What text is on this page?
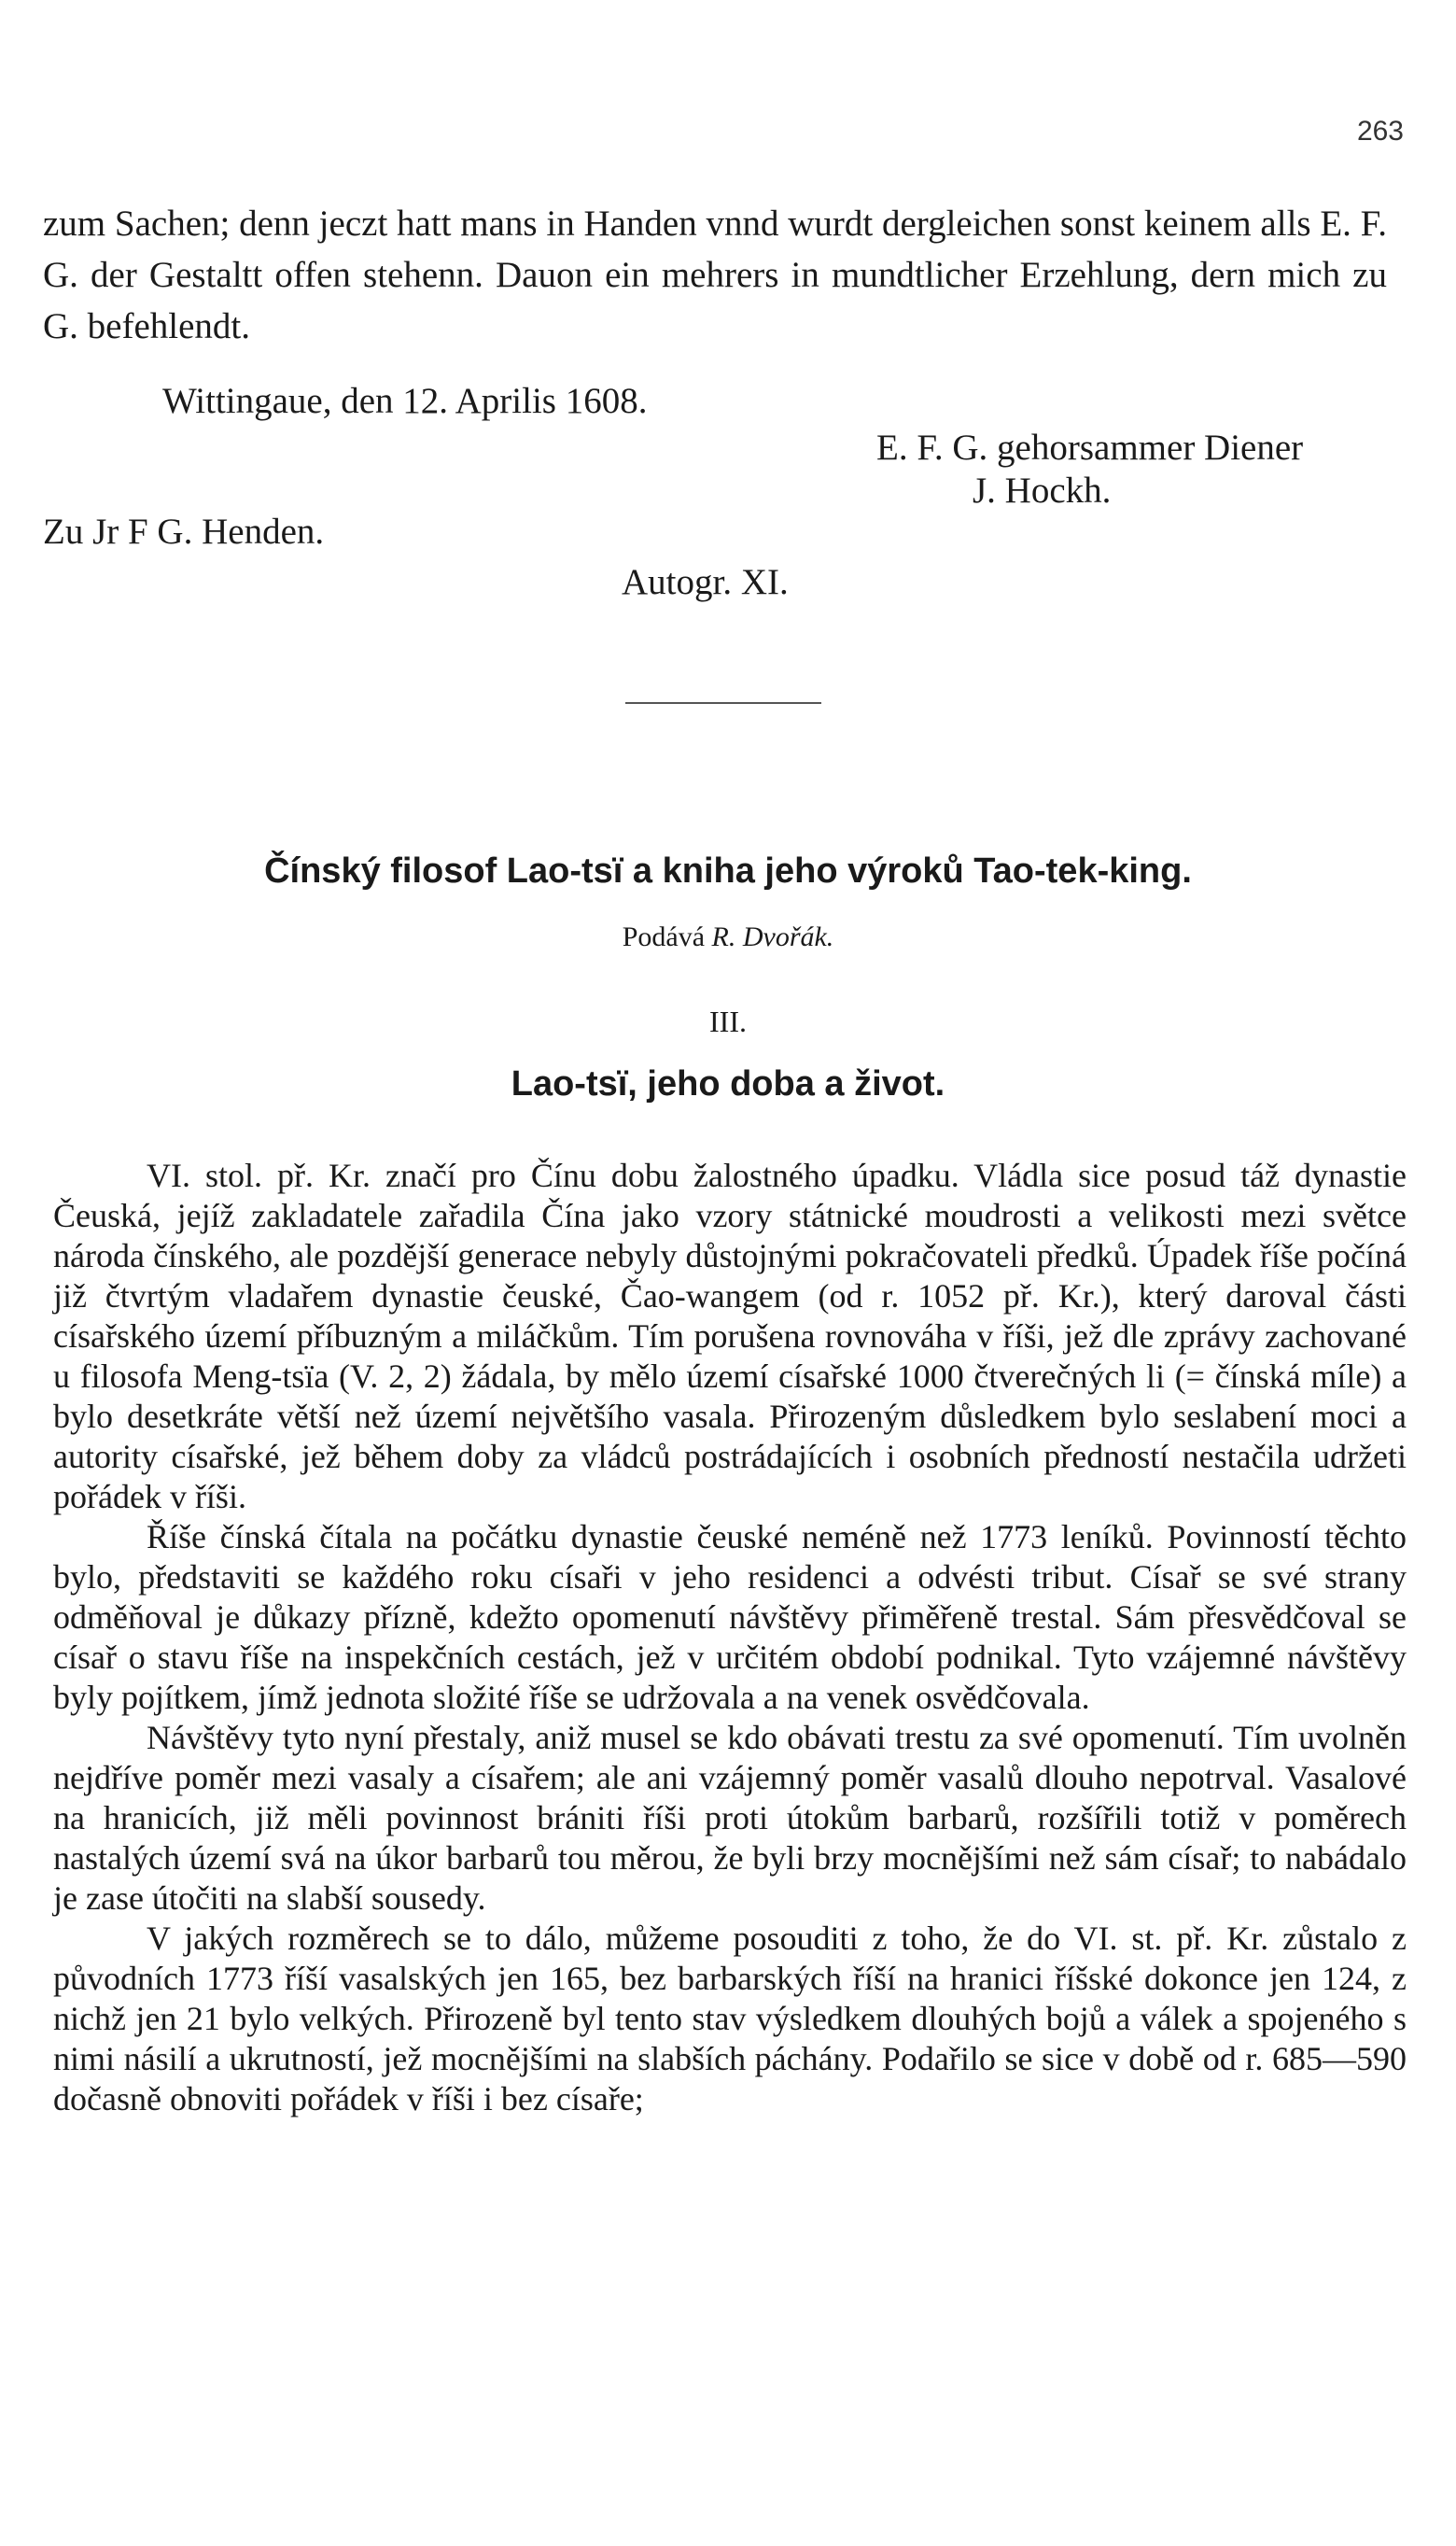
263

zum Sachen; denn jeczt hatt mans in Handen vnnd wurdt dergleichen sonst keinem alls E. F. G. der Gestaltt offen stehenn. Dauon ein mehrers in mundtlicher Erzehlung, dern mich zu G. befehlendt.

Wittingaue, den 12. Aprilis 1608.
E. F. G. gehorsammer Diener
J. Hockh.
Zu Jr F G. Henden.
Autogr. XI.
Čínský filosof Lao-tsï a kniha jeho výroků Tao-tek-king.
Podává R. Dvořák.
III.
Lao-tsï, jeho doba a život.

VI. stol. př. Kr. značí pro Čínu dobu žalostného úpadku. Vládla sice posud táž dynastie Čeuská, jejíž zakladatele zařadila Čína jako vzory státnické moudrosti a velikosti mezi světce národa čínského, ale pozdější generace nebyly důstojnými pokračovateli předků. Úpadek říše počíná již čtvrtým vladařem dynastie čeuské, Čao-wangem (od r. 1052 př. Kr.), který daroval části císařského území příbuzným a miláčkům. Tím porušena rovnováha v říši, jež dle zprávy zachované u filosofa Meng-tsïa (V. 2, 2) žádala, by mělo území císařské 1000 čtverečných li (= čínská míle) a bylo desetkráte větší než území největšího vasala. Přirozeným důsledkem bylo seslabení moci a autority císařské, jež během doby za vládců postrádajících i osobních předností nestačila udržeti pořádek v říši.

Říše čínská čítala na počátku dynastie čeuské neméně než 1773 leníků. Povinností těchto bylo, představiti se každého roku císaři v jeho residenci a odvésti tribut. Císař se své strany odměňoval je důkazy přízně, kdežto opomenutí návštěvy přiměřeně trestal. Sám přesvědčoval se císař o stavu říše na inspekčních cestách, jež v určitém období podnikal. Tyto vzájemné návštěvy byly pojítkem, jímž jednota složité říše se udržovala a na venek osvědčovala.

Návštěvy tyto nyní přestaly, aniž musel se kdo obávati trestu za své opomenutí. Tím uvolněn nejdříve poměr mezi vasaly a císařem; ale ani vzájemný poměr vasalů dlouho nepotrval. Vasalové na hranicích, již měli povinnost brániti říši proti útokům barbarů, rozšířili totiž v poměrech nastalých území svá na úkor barbarů tou měrou, že byli brzy mocnějšími než sám císař; to nabádalo je zase útočiti na slabší sousedy.

V jakých rozměrech se to dálo, můžeme posouditi z toho, že do VI. st. př. Kr. zůstalo z původních 1773 říší vasalských jen 165, bez barbarských říší na hranici říšské dokonce jen 124, z nichž jen 21 bylo velkých. Přirozeně byl tento stav výsledkem dlouhých bojů a válek a spojeného s nimi násilí a ukrutností, jež mocnějšími na slabších páchány. Podařilo se sice v době od r. 685—590 dočasně obnoviti pořádek v říši i bez císaře;
